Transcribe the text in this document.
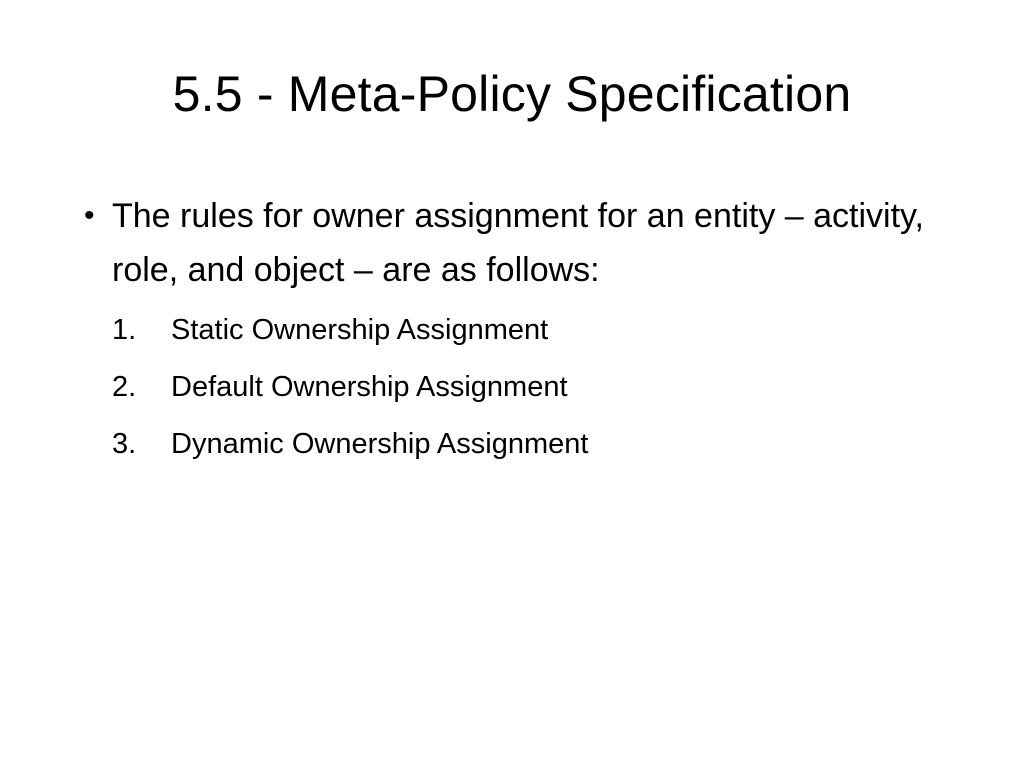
5.5 - Meta-Policy Specification
• The rules for owner assignment for an entity – activity, role, and object – are as follows:
1.	Static Ownership Assignment
2.	Default Ownership Assignment
3.	Dynamic Ownership Assignment
